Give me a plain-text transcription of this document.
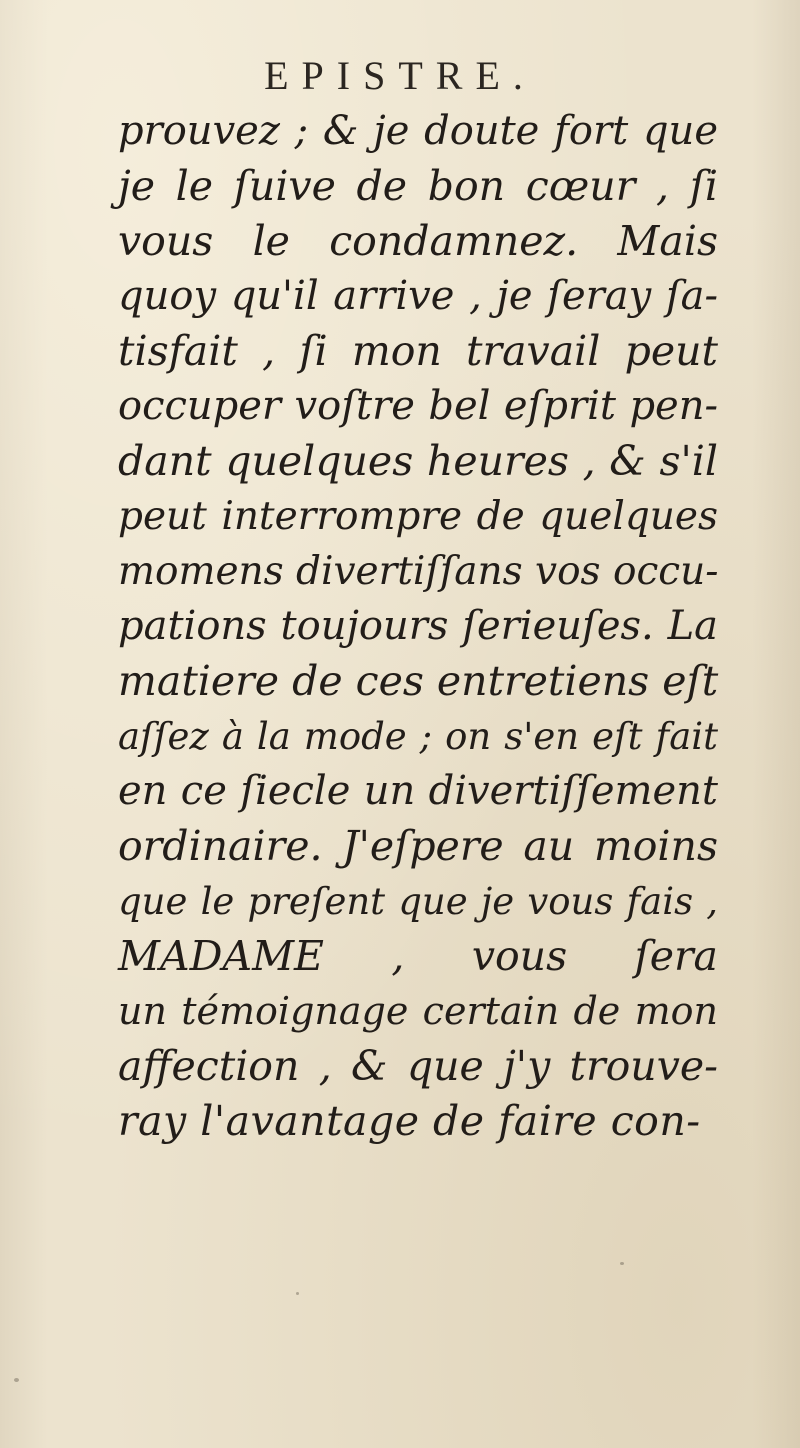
EPISTRE.
prouvez ; & je doute fort que
je le ſuive de bon cœur , ſi
vous le condamnez. Mais
quoy qu'il arrive , je ſeray ſa-
tisfait , ſi mon travail peut
occuper voſtre bel eſprit pen-
dant quelques heures , & s'il
peut interrompre de quelques
momens divertiſſans vos occu-
pations toujours ſerieuſes. La
matiere de ces entretiens eſt
aſſez à la mode ; on s'en eſt fait
en ce ſiecle un divertiſſement
ordinaire. J'eſpere au moins
que le preſent que je vous fais ,
MADAME , vous ſera
un témoignage certain de mon
affection , & que j'y trouve-
ray l'avantage de faire con-
